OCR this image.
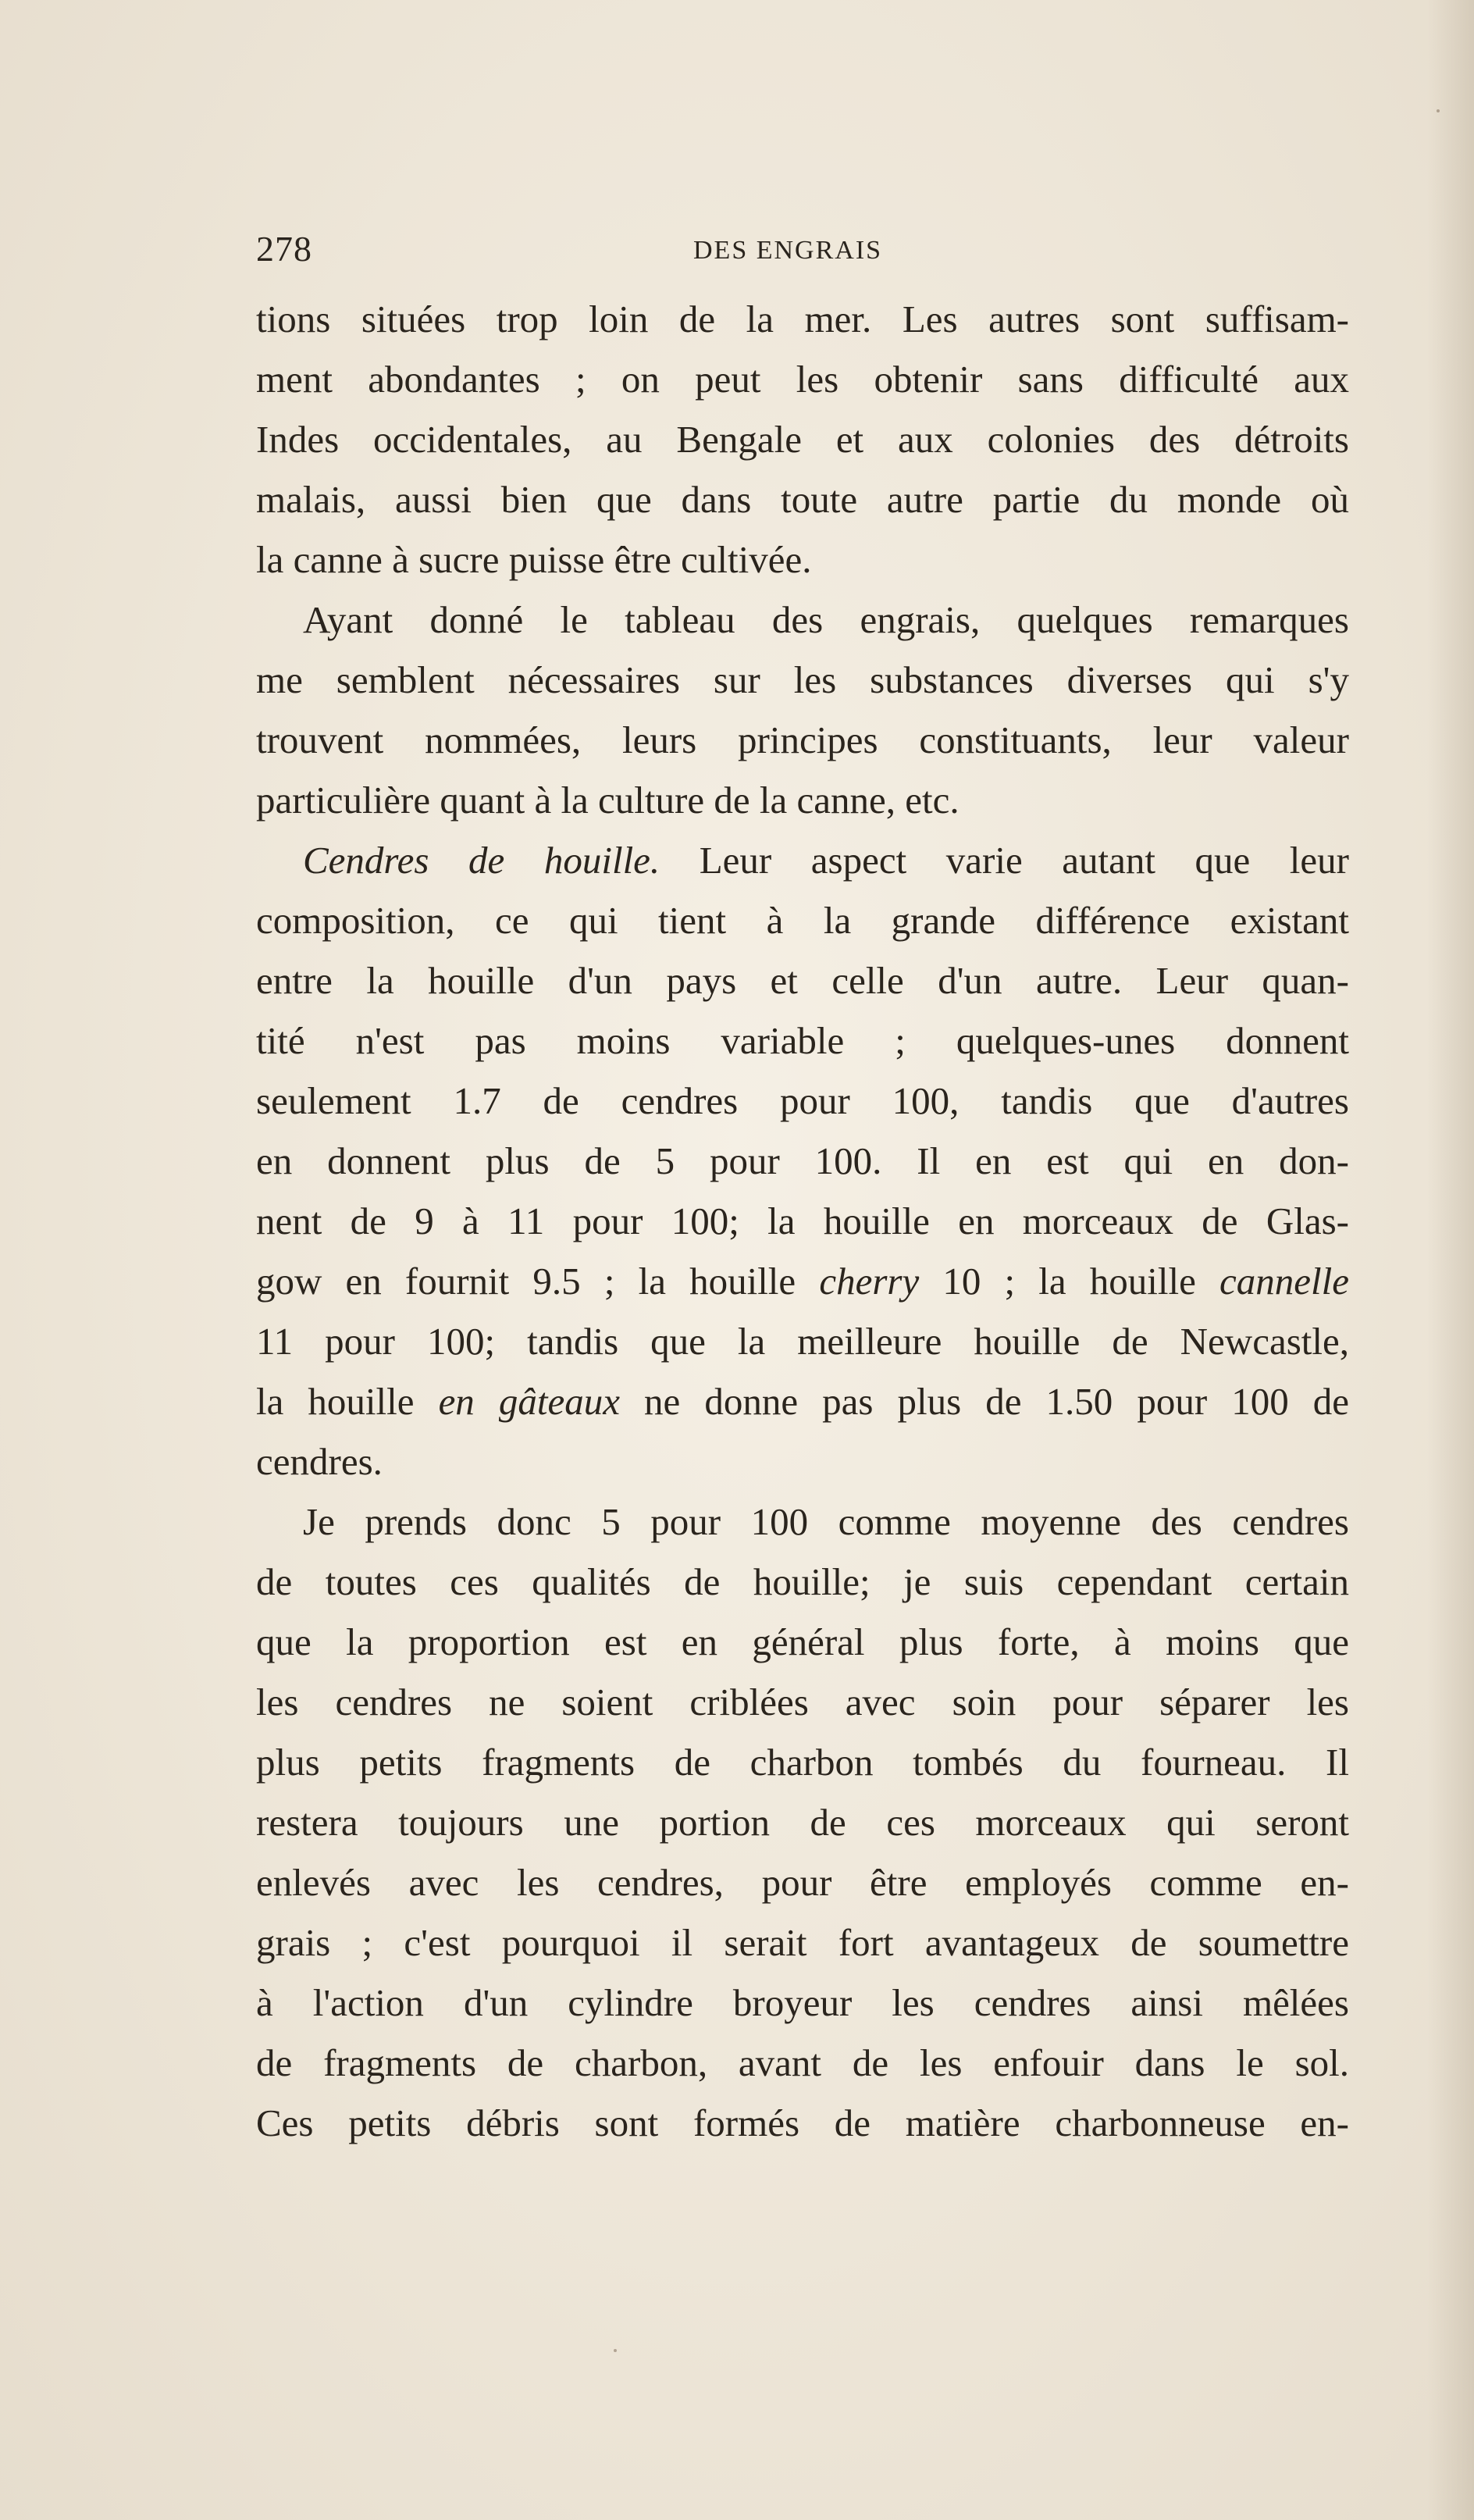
278	DES ENGRAIS
tions situées trop loin de la mer. Les autres sont suffisam-
ment abondantes ; on peut les obtenir sans difficulté aux
Indes occidentales, au Bengale et aux colonies des détroits
malais, aussi bien que dans toute autre partie du monde où
la canne à sucre puisse être cultivée.
Ayant donné le tableau des engrais, quelques remarques
me semblent nécessaires sur les substances diverses qui s'y
trouvent nommées, leurs principes constituants, leur valeur
particulière quant à la culture de la canne, etc.
Cendres de houille. Leur aspect varie autant que leur
composition, ce qui tient à la grande différence existant
entre la houille d'un pays et celle d'un autre. Leur quan-
tité n'est pas moins variable ; quelques-unes donnent
seulement 1.7 de cendres pour 100, tandis que d'autres
en donnent plus de 5 pour 100. Il en est qui en don-
nent de 9 à 11 pour 100; la houille en morceaux de Glas-
gow en fournit 9.5 ; la houille cherry 10 ; la houille cannelle
11 pour 100; tandis que la meilleure houille de Newcastle,
la houille en gâteaux ne donne pas plus de 1.50 pour 100 de
cendres.
Je prends donc 5 pour 100 comme moyenne des cendres
de toutes ces qualités de houille; je suis cependant certain
que la proportion est en général plus forte, à moins que
les cendres ne soient criblées avec soin pour séparer les
plus petits fragments de charbon tombés du fourneau. Il
restera toujours une portion de ces morceaux qui seront
enlevés avec les cendres, pour être employés comme en-
grais ; c'est pourquoi il serait fort avantageux de soumettre
à l'action d'un cylindre broyeur les cendres ainsi mêlées
de fragments de charbon, avant de les enfouir dans le sol.
Ces petits débris sont formés de matière charbonneuse en-
